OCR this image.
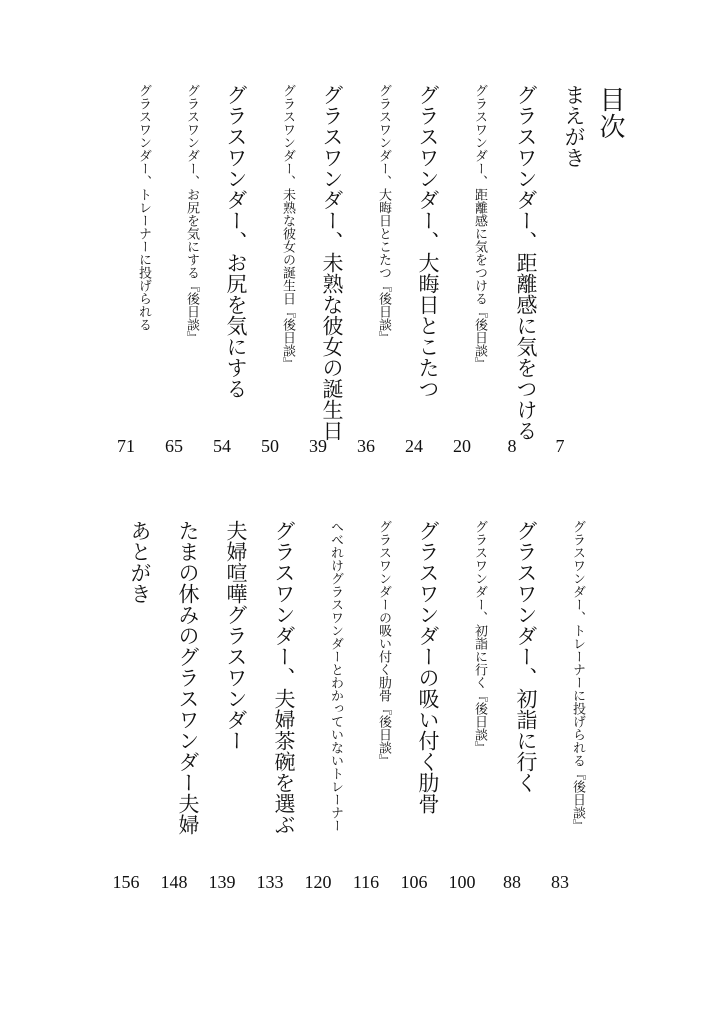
目次
まえがき
7
グラスワンダー、距離感に気をつける
8
グラスワンダー、距離感に気をつける『後日談』
20
グラスワンダー、大晦日とこたつ
24
グラスワンダー、大晦日とこたつ『後日談』
36
グラスワンダー、未熟な彼女の誕生日
39
グラスワンダー、未熟な彼女の誕生日『後日談』
50
グラスワンダー、お尻を気にする
54
グラスワンダー、お尻を気にする『後日談』
65
グラスワンダー、トレーナーに投げられる
71
グラスワンダー、トレーナーに投げられる『後日談』
83
グラスワンダー、初詣に行く
88
グラスワンダー、初詣に行く『後日談』
100
グラスワンダーの吸い付く肋骨
106
グラスワンダーの吸い付く肋骨『後日談』
116
へべれけグラスワンダーとわかっていないトレーナー
120
グラスワンダー、夫婦茶碗を選ぶ
133
夫婦喧嘩グラスワンダー
139
たまの休みのグラスワンダー夫婦
148
あとがき
156
